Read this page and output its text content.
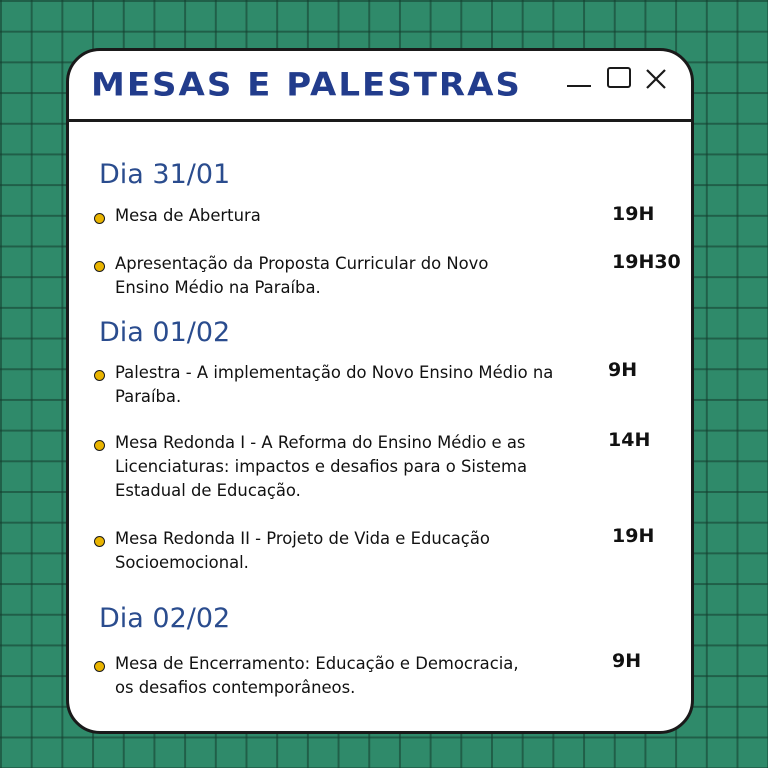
MESAS E PALESTRAS
Dia 31/01
Mesa de Abertura	19H
Apresentação da Proposta Curricular do Novo Ensino Médio na Paraíba.
19H30
Dia 01/02
Palestra - A implementação do Novo Ensino Médio na Paraíba.
9H
Mesa Redonda I - A Reforma do Ensino Médio e as Licenciaturas: impactos e desafios para o Sistema Estadual de Educação.
14H
Mesa Redonda II - Projeto de Vida e Educação Socioemocional.
19H
Dia 02/02
Mesa de Encerramento: Educação e Democracia, os desafios contemporâneos.
9H
